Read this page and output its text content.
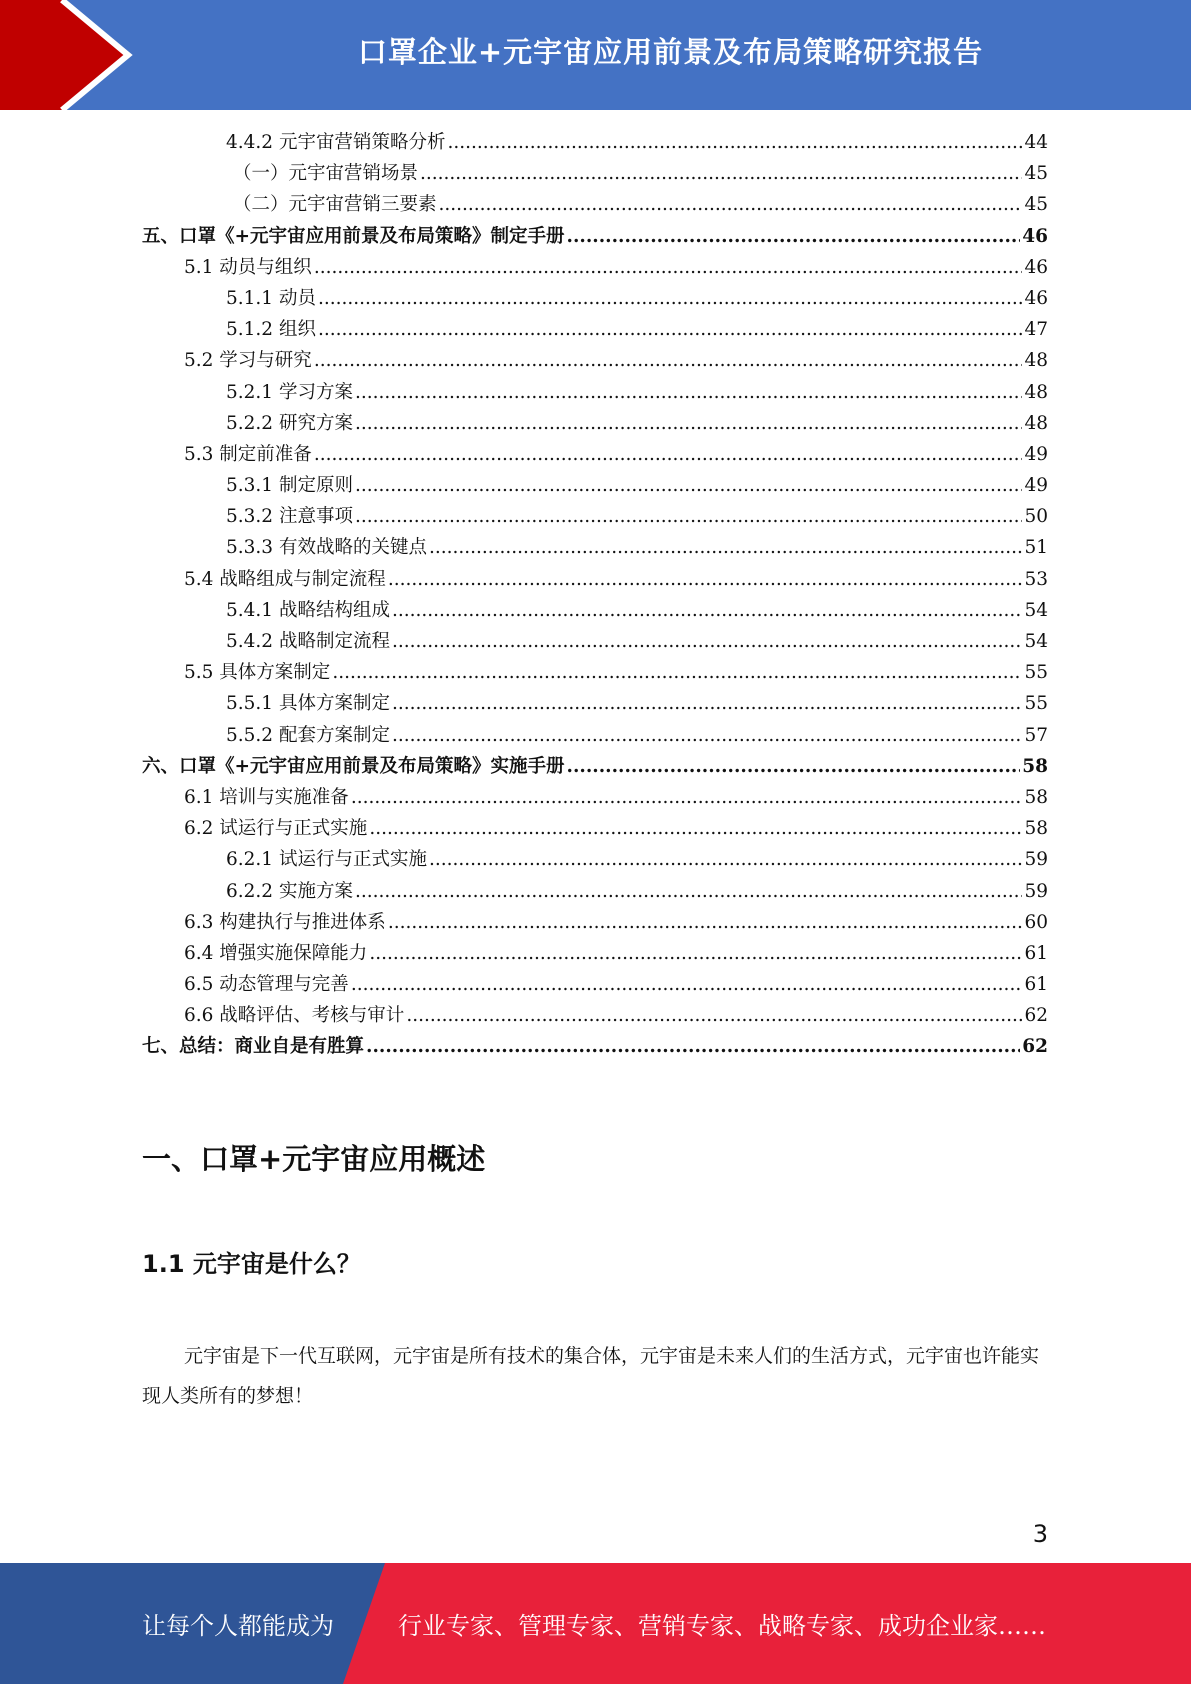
口罩企业+元宇宙应用前景及布局策略研究报告
4.4.2 元宇宙营销策略分析 .....	44
（一）元宇宙营销场景 .....	45
（二）元宇宙营销三要素 .....	45
五、口罩《+元宇宙应用前景及布局策略》制定手册 .....	46
5.1 动员与组织 .....	46
5.1.1 动员 .....	46
5.1.2 组织 .....	47
5.2 学习与研究 .....	48
5.2.1 学习方案 .....	48
5.2.2 研究方案 .....	48
5.3 制定前准备 .....	49
5.3.1 制定原则 .....	49
5.3.2 注意事项 .....	50
5.3.3 有效战略的关键点 .....	51
5.4 战略组成与制定流程 .....	53
5.4.1 战略结构组成 .....	54
5.4.2 战略制定流程 .....	54
5.5 具体方案制定 .....	55
5.5.1 具体方案制定 .....	55
5.5.2 配套方案制定 .....	57
六、口罩《+元宇宙应用前景及布局策略》实施手册 .....	58
6.1 培训与实施准备 .....	58
6.2 试运行与正式实施 .....	58
6.2.1 试运行与正式实施 .....	59
6.2.2 实施方案 .....	59
6.3 构建执行与推进体系 .....	60
6.4 增强实施保障能力 .....	61
6.5 动态管理与完善 .....	61
6.6 战略评估、考核与审计 .....	62
七、总结：商业自是有胜算 .....	62
一、口罩+元宇宙应用概述
1.1 元宇宙是什么？
元宇宙是下一代互联网，元宇宙是所有技术的集合体，元宇宙是未来人们的生活方式，元宇宙也许能实现人类所有的梦想！
3
让每个人都能成为	行业专家、管理专家、营销专家、战略专家、成功企业家……
